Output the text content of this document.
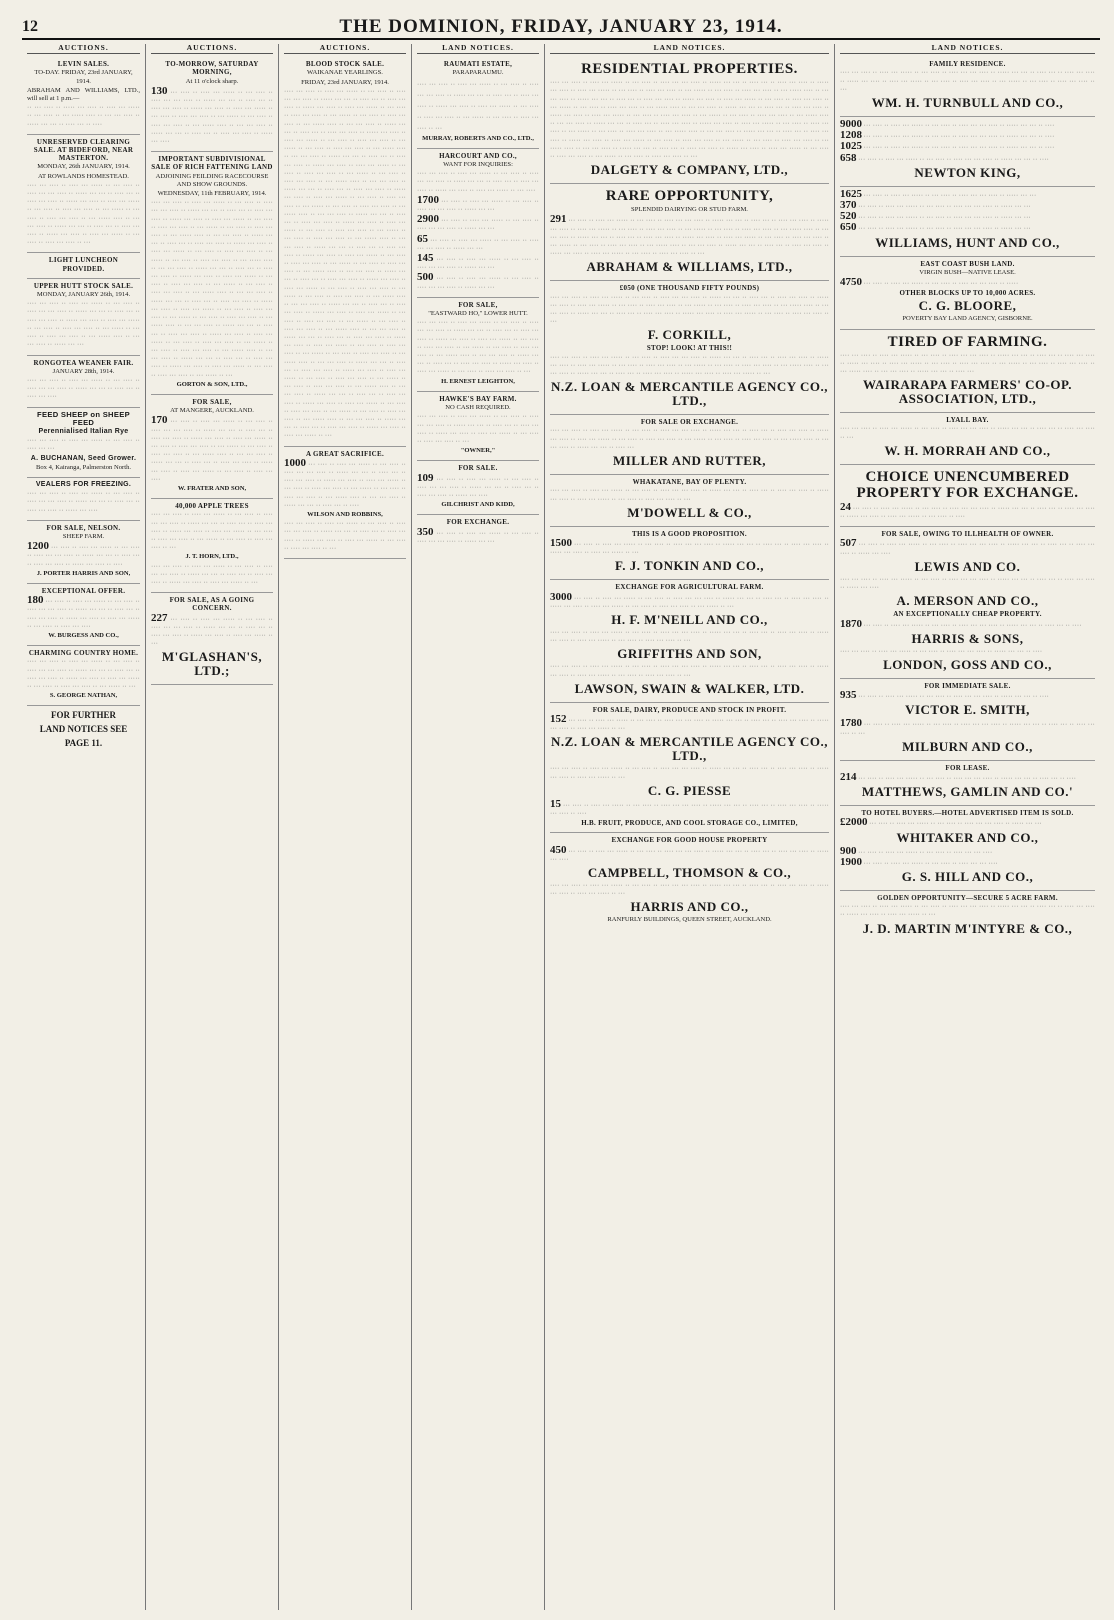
12	THE DOMINION, FRIDAY, JANUARY 23, 1914.
AUCTIONS.
LEVIN SALES.

TO-DAY. FRIDAY, 23rd JANUARY, 1914.

ABRAHAM AND WILLIAMS, LTD., will sell at 1 p.m.—

·· ··· ···· ·· ····· ··· ···· ·· ···· ··· ····· ·· ··· ···· ·· ··· ····· ···· ·· ··· ··· ···· ·· ····· ··· ··· ·· ···· ··· ·· ····

UNRESERVED CLEARING SALE. AT BIDEFORD, NEAR MASTERTON.

MONDAY, 26th JANUARY, 1914.

AT ROWLANDS HOMESTEAD.

···· ··· ···· ·· ···· ··· ····· ·· ··· ···· ·· ···· ··· ··· ···· ·· ····· ··· ··· ·· ···· ··· ·· ···· ··· ···· ·· ····· ··· ···· ·· ···· ··· ····· ·· ··· ···· ·· ···· ··· ···· ·· ··· ····· ·· ··· ···· ·· ···· ··· ···· ·· ··· ····· ···· ·· ··· ··· ···· ·· ····· ··· ··· ·· ···· ··· ·· ···· ··· ···· ·· ····· ··· ···· ·· ···· ··· ····· ·· ··· ···· ·· ···· ··· ···· ·· ···

LIGHT LUNCHEON PROVIDED.
UPPER HUTT STOCK SALE.

MONDAY, JANUARY 26th, 1914.

···· ··· ···· ·· ···· ··· ····· ·· ··· ···· ·· ···· ··· ··· ···· ·· ····· ··· ··· ·· ···· ··· ·· ···· ··· ···· ·· ····· ··· ···· ·· ···· ··· ····· ·· ··· ···· ·· ···· ··· ···· ·· ··· ····· ·· ··· ···· ·· ···· ··· ···· ·· ··· ····· ···· ·· ··· ··· ···· ·· ····· ··· ···

RONGOTEA WEANER FAIR.

JANUARY 28th, 1914.

···· ··· ···· ·· ···· ··· ····· ·· ··· ···· ·· ···· ··· ··· ···· ·· ····· ··· ··· ·· ···· ··· ·· ···· ··· ····

FEED SHEEP on SHEEP FEED
Perennialised Italian Rye

···· ··· ···· ·· ···· ··· ····· ·· ··· ···· ·· ···· ··· ···

A. BUCHANAN, Seed Grower.

Box 4, Kairanga, Palmerston North.

VEALERS FOR FREEZING.

···· ··· ···· ·· ···· ··· ····· ·· ··· ···· ·· ···· ··· ··· ···· ·· ····· ··· ··· ·· ···· ··· ·· ···· ··· ···· ·· ····· ··· ····

FOR SALE, NELSON.

SHEEP FARM.

1200 ··· ···· ·· ···· ··· ····· ·· ··· ···· ·· ···· ··· ··· ···· ·· ····· ··· ··· ·· ···· ··· ·· ···· ··· ···· ·· ····· ··· ···· ·· ····

J. PORTER HARRIS AND SON,

EXCEPTIONAL OFFER.

180 ··· ···· ·· ···· ··· ····· ·· ··· ···· ·· ···· ··· ··· ···· ·· ····· ··· ··· ·· ···· ··· ·· ···· ··· ···· ·· ····· ··· ···· ·· ···· ··· ····· ·· ··· ···· ·· ···· ··· ····

W. BURGESS AND CO.,

CHARMING COUNTRY HOME.

···· ··· ···· ·· ···· ··· ····· ·· ··· ···· ·· ···· ··· ··· ···· ·· ····· ··· ··· ·· ···· ··· ·· ···· ··· ···· ·· ····· ··· ···· ·· ···· ··· ····· ·· ··· ···· ·· ···· ··· ···· ·· ··· ····· ·· ···

S. GEORGE NATHAN,

FOR FURTHER

LAND NOTICES SEE

PAGE 11.

AUCTIONS.
TO-MORROW, SATURDAY MORNING,

At 11 o'clock sharp.

130 ··· ···· ·· ···· ··· ····· ·· ··· ···· ·· ···· ··· ··· ···· ·· ····· ··· ··· ·· ···· ··· ·· ···· ··· ···· ·· ····· ··· ···· ·· ···· ··· ····· ·· ··· ···· ·· ···· ··· ···· ·· ··· ····· ·· ··· ···· ·· ···· ··· ···· ·· ··· ····· ···· ·· ··· ··· ···· ·· ····· ··· ··· ·· ···· ··· ·· ···· ··· ···· ·· ····· ··· ····

IMPORTANT SUBDIVISIONAL SALE OF RICH FATTENING LAND

ADJOINING FEILDING RACECOURSE AND SHOW GROUNDS.

WEDNESDAY, 11th FEBRUARY, 1914.

···· ··· ···· ·· ···· ··· ····· ·· ··· ···· ·· ···· ··· ··· ···· ·· ····· ··· ··· ·· ···· ··· ·· ···· ··· ···· ·· ····· ··· ···· ·· ···· ··· ····· ·· ··· ···· ·· ···· ··· ···· ·· ··· ····· ·· ··· ···· ·· ···· ··· ···· ·· ··· ····· ···· ·· ··· ··· ···· ·· ····· ··· ··· ·· ···· ··· ·· ···· ··· ···· ·· ····· ··· ···· ·· ···· ··· ····· ·· ··· ···· ·· ···· ··· ···· ·· ··· ····· ·· ··· ···· ·· ···· ··· ···· ·· ··· ····· ···· ·· ··· ··· ···· ·· ····· ··· ··· ·· ···· ··· ·· ···· ··· ···· ·· ····· ··· ···· ·· ···· ··· ····· ·· ··· ···· ·· ···· ··· ···· ·· ··· ····· ·· ··· ···· ·· ···· ··· ···· ·· ··· ····· ···· ·· ··· ··· ···· ·· ····· ··· ··· ·· ···· ··· ·· ···· ··· ···· ·· ····· ··· ···· ·· ···· ··· ····· ·· ··· ···· ·· ···· ··· ···· ·· ··· ····· ·· ··· ···· ·· ···· ··· ···· ·· ··· ····· ···· ·· ··· ··· ···· ·· ····· ··· ··· ·· ···· ··· ·· ···· ··· ···· ·· ····· ··· ···· ·· ···· ··· ····· ·· ··· ···· ·· ···· ··· ···· ·· ··· ····· ·· ··· ···· ·· ···· ··· ···· ·· ··· ····· ···· ·· ··· ··· ···· ·· ····· ··· ··· ·· ···· ··· ·· ···· ··· ···· ·· ····· ··· ···· ·· ···· ··· ····· ·· ··· ···· ·· ···· ··· ···· ·· ··· ····· ·· ···

GORTON & SON, LTD.,

FOR SALE,

AT MANGERE, AUCKLAND.

170 ··· ···· ·· ···· ··· ····· ·· ··· ···· ·· ···· ··· ··· ···· ·· ····· ··· ··· ·· ···· ··· ·· ···· ··· ···· ·· ····· ··· ···· ·· ···· ··· ····· ·· ··· ···· ·· ···· ··· ···· ·· ··· ····· ·· ··· ···· ·· ···· ··· ···· ·· ··· ····· ···· ·· ··· ··· ···· ·· ····· ··· ··· ·· ···· ··· ·· ···· ··· ···· ·· ····· ··· ···· ·· ···· ··· ····· ·· ··· ···· ·· ···· ··· ····

W. FRATER AND SON,

40,000 APPLE TREES

···· ··· ···· ·· ···· ··· ····· ·· ··· ···· ·· ···· ··· ··· ···· ·· ····· ··· ··· ·· ···· ··· ·· ···· ··· ···· ·· ····· ··· ···· ·· ···· ··· ····· ·· ··· ···· ·· ···· ··· ···· ·· ··· ····· ·· ··· ···· ·· ···· ··· ···· ·· ···

J. T. HORN, LTD.,

···· ··· ···· ·· ···· ··· ····· ·· ··· ···· ·· ···· ··· ··· ···· ·· ····· ··· ··· ·· ···· ··· ·· ···· ··· ···· ·· ····· ··· ···· ·· ···· ··· ····· ·· ···

FOR SALE, AS A GOING CONCERN.

227 ··· ···· ·· ···· ··· ····· ·· ··· ···· ·· ···· ··· ··· ···· ·· ····· ··· ··· ·· ···· ··· ·· ···· ··· ···· ·· ····· ··· ···· ·· ···· ··· ····· ·· ···

M'GLASHAN'S, LTD.;
AUCTIONS.
BLOOD STOCK SALE.

WAIKANAE YEARLINGS.

FRIDAY, 23rd JANUARY, 1914.

···· ··· ···· ·· ···· ··· ····· ·· ··· ···· ·· ···· ··· ··· ···· ·· ····· ··· ··· ·· ···· ··· ·· ···· ··· ···· ·· ····· ··· ···· ·· ···· ··· ····· ·· ··· ···· ·· ···· ··· ···· ·· ··· ····· ·· ··· ···· ·· ···· ··· ···· ·· ··· ····· ···· ·· ··· ··· ···· ·· ····· ··· ··· ·· ···· ··· ·· ···· ··· ···· ·· ····· ··· ···· ·· ···· ··· ····· ·· ··· ···· ·· ···· ··· ···· ·· ··· ····· ·· ··· ···· ·· ···· ··· ···· ·· ··· ····· ···· ·· ··· ··· ···· ·· ····· ··· ··· ·· ···· ··· ·· ···· ··· ···· ·· ····· ··· ···· ·· ···· ··· ····· ·· ··· ···· ·· ···· ··· ···· ·· ··· ····· ·· ··· ···· ·· ···· ··· ···· ·· ··· ····· ···· ·· ··· ··· ···· ·· ····· ··· ··· ·· ···· ··· ·· ···· ··· ···· ·· ····· ··· ···· ·· ···· ··· ····· ·· ··· ···· ·· ···· ··· ···· ·· ··· ····· ·· ··· ···· ·· ···· ··· ···· ·· ··· ····· ···· ·· ··· ··· ···· ·· ····· ··· ··· ·· ···· ··· ·· ···· ··· ···· ·· ····· ··· ···· ·· ···· ··· ····· ·· ··· ···· ·· ···· ··· ···· ·· ··· ····· ·· ··· ···· ·· ···· ··· ···· ·· ··· ····· ···· ·· ··· ··· ···· ·· ····· ··· ··· ·· ···· ··· ·· ···· ··· ···· ·· ····· ··· ···· ·· ···· ··· ····· ·· ··· ···· ·· ···· ··· ···· ·· ··· ····· ·· ··· ···· ·· ···· ··· ···· ·· ··· ····· ···· ·· ··· ··· ···· ·· ····· ··· ··· ·· ···· ··· ·· ···· ··· ···· ·· ····· ··· ···· ·· ···· ··· ····· ·· ··· ···· ·· ···· ··· ···· ·· ··· ····· ·· ··· ···· ·· ···· ··· ···· ·· ··· ····· ···· ·· ··· ··· ···· ·· ····· ··· ··· ·· ···· ··· ·· ···· ··· ···· ·· ····· ··· ···· ·· ···· ··· ····· ·· ··· ···· ·· ···· ··· ···· ·· ··· ····· ·· ··· ···· ·· ···· ··· ···· ·· ··· ····· ···· ·· ··· ··· ···· ·· ····· ··· ··· ·· ···· ··· ·· ···· ··· ···· ·· ····· ··· ···· ·· ···· ··· ····· ·· ··· ···· ·· ···· ··· ···· ·· ··· ····· ·· ··· ···· ·· ···· ··· ···· ·· ··· ····· ···· ·· ··· ··· ···· ·· ····· ··· ··· ·· ···· ··· ·· ···· ··· ···· ·· ····· ··· ···· ·· ···· ··· ····· ·· ··· ···· ·· ···· ··· ···· ·· ··· ····· ·· ··· ···· ·· ···· ··· ···· ·· ··· ····· ···· ·· ··· ··· ···· ·· ····· ··· ··· ·· ···· ··· ·· ···· ··· ···· ·· ····· ··· ···· ·· ···· ··· ····· ·· ··· ···· ·· ···· ··· ···· ·· ··· ····· ·· ··· ···· ·· ···· ··· ···· ·· ··· ····· ···· ·· ··· ··· ···· ·· ····· ··· ··· ·· ···· ··· ·· ···· ··· ···· ·· ····· ··· ···· ·· ···· ··· ····· ·· ···

A GREAT SACRIFICE.

1000 ··· ···· ·· ···· ··· ····· ·· ··· ···· ·· ···· ··· ··· ···· ·· ····· ··· ··· ·· ···· ··· ·· ···· ··· ···· ·· ····· ··· ···· ·· ···· ··· ····· ·· ··· ···· ·· ···· ··· ···· ·· ··· ····· ·· ··· ···· ·· ···· ··· ···· ·· ··· ····· ···· ·· ··· ··· ···· ·· ····· ··· ··· ·· ···· ··· ·· ····

WILSON AND ROBBINS,

···· ··· ···· ·· ···· ··· ····· ·· ··· ···· ·· ···· ··· ··· ···· ·· ····· ··· ··· ·· ···· ··· ·· ···· ··· ···· ·· ····· ··· ···· ·· ···· ··· ····· ·· ··· ···· ·· ···· ··· ···· ·· ···

LAND NOTICES.
RAUMATI ESTATE,

PARAPARAUMU.

···· ··· ···· ·· ···· ··· ····· ·· ··· ···· ·· ···· ··· ··· ···· ·· ····· ··· ··· ·· ···· ··· ·· ···· ··· ···· ·· ····· ··· ···· ·· ···· ··· ····· ·· ··· ···· ·· ···· ··· ···· ·· ··· ····· ·· ··· ···· ·· ···· ··· ···· ·· ···

MURRAY, ROBERTS AND CO., LTD.,

HARCOURT AND CO.,

WANT FOR INQUIRIES:

···· ··· ···· ·· ···· ··· ····· ·· ··· ···· ·· ···· ··· ··· ···· ·· ····· ··· ··· ·· ···· ··· ·· ···· ··· ···· ·· ····· ··· ···· ·· ···· ··· ····· ·· ··· ····

1700 ··· ···· ·· ···· ··· ····· ·· ··· ···· ·· ···· ··· ··· ···· ·· ····· ··· ···

2900 ··· ···· ·· ···· ··· ····· ·· ··· ···· ·· ···· ··· ··· ···· ·· ····· ··· ···

65 ··· ···· ·· ···· ··· ····· ·· ··· ···· ·· ···· ··· ··· ···· ·· ····· ··· ···

145 ··· ···· ·· ···· ··· ····· ·· ··· ···· ·· ···· ··· ··· ···· ·· ····· ··· ···

500 ··· ···· ·· ···· ··· ····· ·· ··· ···· ·· ···· ··· ··· ···· ·· ····· ··· ···

FOR SALE,

"EASTWARD HO," LOWER HUTT.

···· ··· ···· ·· ···· ··· ····· ·· ··· ···· ·· ···· ··· ··· ···· ·· ····· ··· ··· ·· ···· ··· ·· ···· ··· ···· ·· ····· ··· ···· ·· ···· ··· ····· ·· ··· ···· ·· ···· ··· ···· ·· ··· ····· ·· ··· ···· ·· ···· ··· ···· ·· ··· ····· ···· ·· ··· ··· ···· ·· ····· ··· ··· ·· ···· ··· ·· ···· ··· ···· ·· ····· ··· ···· ·· ···· ··· ····· ·· ··· ···· ·· ···· ··· ···· ·· ···

H. ERNEST LEIGHTON,

HAWKE'S BAY FARM.

NO CASH REQUIRED.

···· ··· ···· ·· ···· ··· ····· ·· ··· ···· ·· ···· ··· ··· ···· ·· ····· ··· ··· ·· ···· ··· ·· ···· ··· ···· ·· ····· ··· ···· ·· ···· ··· ····· ·· ··· ···· ·· ···· ··· ···· ·· ···

"OWNER,"

FOR SALE.

109 ··· ···· ·· ···· ··· ····· ·· ··· ···· ·· ···· ··· ··· ···· ·· ····· ··· ··· ·· ···· ··· ·· ···· ··· ···· ·· ····· ··· ····

GILCHRIST AND KIDD,

FOR EXCHANGE.

350 ··· ···· ·· ···· ··· ····· ·· ··· ···· ·· ···· ··· ··· ···· ·· ····· ··· ···

LAND NOTICES.
RESIDENTIAL PROPERTIES.

···· ··· ···· ·· ···· ··· ····· ·· ··· ···· ·· ···· ··· ··· ···· ·· ····· ··· ··· ·· ···· ··· ·· ···· ··· ···· ·· ····· ··· ···· ·· ···· ··· ····· ·· ··· ···· ·· ···· ··· ···· ·· ··· ····· ·· ··· ···· ·· ···· ··· ···· ·· ··· ····· ···· ·· ··· ··· ···· ·· ····· ··· ··· ·· ···· ··· ·· ···· ··· ···· ·· ····· ··· ···· ·· ···· ··· ····· ·· ··· ···· ·· ···· ··· ···· ·· ··· ····· ·· ··· ···· ·· ···· ··· ···· ·· ··· ····· ···· ·· ··· ··· ···· ·· ····· ··· ··· ·· ···· ··· ·· ···· ··· ···· ·· ····· ··· ···· ·· ···· ··· ····· ·· ··· ···· ·· ···· ··· ···· ·· ··· ····· ·· ··· ···· ·· ···· ··· ···· ·· ··· ····· ···· ·· ··· ··· ···· ·· ····· ··· ··· ·· ···· ··· ·· ···· ··· ···· ·· ····· ··· ···· ·· ···· ··· ····· ·· ··· ···· ·· ···· ··· ···· ·· ··· ····· ·· ··· ···· ·· ···· ··· ···· ·· ··· ····· ···· ·· ··· ··· ···· ·· ····· ··· ··· ·· ···· ··· ·· ···· ··· ···· ·· ····· ··· ···· ·· ···· ··· ····· ·· ··· ···· ·· ···· ··· ···· ·· ··· ····· ·· ··· ···· ·· ···· ··· ···· ·· ··· ····· ···· ·· ··· ··· ···· ·· ····· ··· ··· ·· ···· ··· ·· ···· ··· ···· ·· ····· ··· ···· ·· ···· ··· ····· ·· ··· ···· ·· ···· ··· ···· ·· ··· ····· ·· ··· ···· ·· ···· ··· ···· ·· ···

DALGETY & COMPANY, LTD.,
RARE OPPORTUNITY,

SPLENDID DAIRYING OR STUD FARM.

291 ··· ···· ·· ···· ··· ····· ·· ··· ···· ·· ···· ··· ··· ···· ·· ····· ··· ··· ·· ···· ··· ·· ···· ··· ···· ·· ····· ··· ···· ·· ···· ··· ····· ·· ··· ···· ·· ···· ··· ···· ·· ··· ····· ·· ··· ···· ·· ···· ··· ···· ·· ··· ····· ···· ·· ··· ··· ···· ·· ····· ··· ··· ·· ···· ··· ·· ···· ··· ···· ·· ····· ··· ···· ·· ···· ··· ····· ·· ··· ···· ·· ···· ··· ···· ·· ··· ····· ·· ··· ···· ·· ···· ··· ···· ·· ··· ····· ···· ·· ··· ··· ···· ·· ····· ··· ··· ·· ···· ··· ·· ···· ··· ···· ·· ····· ··· ···· ·· ···· ··· ····· ·· ··· ···· ·· ···· ··· ···· ·· ···

ABRAHAM & WILLIAMS, LTD.,
£050 (ONE THOUSAND FIFTY POUNDS)

···· ··· ···· ·· ···· ··· ····· ·· ··· ···· ·· ···· ··· ··· ···· ·· ····· ··· ··· ·· ···· ··· ·· ···· ··· ···· ·· ····· ··· ···· ·· ···· ··· ····· ·· ··· ···· ·· ···· ··· ···· ·· ··· ····· ·· ··· ···· ·· ···· ··· ···· ·· ··· ····· ···· ·· ··· ··· ···· ·· ····· ··· ··· ·· ···· ··· ·· ···· ··· ···· ·· ····· ··· ···· ·· ···· ··· ····· ·· ··· ···· ·· ···· ··· ···· ·· ···

F. CORKILL,
STOP! LOOK! AT THIS!!

···· ··· ···· ·· ···· ··· ····· ·· ··· ···· ·· ···· ··· ··· ···· ·· ····· ··· ··· ·· ···· ··· ·· ···· ··· ···· ·· ····· ··· ···· ·· ···· ··· ····· ·· ··· ···· ·· ···· ··· ···· ·· ··· ····· ·· ··· ···· ·· ···· ··· ···· ·· ··· ····· ···· ·· ··· ··· ···· ·· ····· ··· ··· ·· ···· ··· ·· ···· ··· ···· ·· ····· ··· ···· ·· ···· ··· ····· ·· ···

N.Z. LOAN & MERCANTILE AGENCY CO., LTD.,
FOR SALE OR EXCHANGE.

···· ··· ···· ·· ···· ··· ····· ·· ··· ···· ·· ···· ··· ··· ···· ·· ····· ··· ··· ·· ···· ··· ·· ···· ··· ···· ·· ····· ··· ···· ·· ···· ··· ····· ·· ··· ···· ·· ···· ··· ···· ·· ··· ····· ·· ··· ···· ·· ···· ··· ···· ·· ··· ····· ···· ·· ··· ··· ···· ·· ····· ··· ··· ·· ···· ···

MILLER AND RUTTER,
WHAKATANE, BAY OF PLENTY.

···· ··· ···· ·· ···· ··· ····· ·· ··· ···· ·· ···· ··· ··· ···· ·· ····· ··· ··· ·· ···· ··· ·· ···· ··· ···· ·· ····· ··· ···· ·· ···· ··· ····· ·· ··· ···· ·· ···· ··· ···· ·· ···

M'DOWELL & CO.,
THIS IS A GOOD PROPOSITION.

1500 ··· ···· ·· ···· ··· ····· ·· ··· ···· ·· ···· ··· ··· ···· ·· ····· ··· ··· ·· ···· ··· ·· ···· ··· ···· ·· ····· ··· ···· ·· ···· ··· ····· ·· ···

F. J. TONKIN AND CO.,
EXCHANGE FOR AGRICULTURAL FARM.

3000 ··· ···· ·· ···· ··· ····· ·· ··· ···· ·· ···· ··· ··· ···· ·· ····· ··· ··· ·· ···· ··· ·· ···· ··· ···· ·· ····· ··· ···· ·· ···· ··· ····· ·· ··· ···· ·· ···· ··· ···· ·· ··· ····· ·· ···

H. F. M'NEILL AND CO.,

···· ··· ···· ·· ···· ··· ····· ·· ··· ···· ·· ···· ··· ··· ···· ·· ····· ··· ··· ·· ···· ··· ·· ···· ··· ···· ·· ····· ··· ···· ·· ···· ··· ····· ·· ··· ···· ·· ···· ··· ···· ·· ···

GRIFFITHS AND SON,

···· ··· ···· ·· ···· ··· ····· ·· ··· ···· ·· ···· ··· ··· ···· ·· ····· ··· ··· ·· ···· ··· ·· ···· ··· ···· ·· ····· ··· ···· ·· ···· ··· ····· ·· ··· ···· ·· ···· ··· ···· ·· ···

LAWSON, SWAIN & WALKER, LTD.
FOR SALE, DAIRY, PRODUCE AND STOCK IN PROFIT.

152 ··· ···· ·· ···· ··· ····· ·· ··· ···· ·· ···· ··· ··· ···· ·· ····· ··· ··· ·· ···· ··· ·· ···· ··· ···· ·· ····· ··· ···· ·· ···· ··· ····· ·· ···

N.Z. LOAN & MERCANTILE AGENCY CO., LTD.,

···· ··· ···· ·· ···· ··· ····· ·· ··· ···· ·· ···· ··· ··· ···· ·· ····· ··· ··· ·· ···· ··· ·· ···· ··· ···· ·· ····· ··· ···· ·· ···· ··· ····· ·· ···

C. G. PIESSE

15 ··· ···· ·· ···· ··· ····· ·· ··· ···· ·· ···· ··· ··· ···· ·· ····· ··· ··· ·· ···· ··· ·· ···· ··· ···· ·· ····· ··· ···· ·· ····

H.B. FRUIT, PRODUCE, AND COOL STORAGE CO., LIMITED,
EXCHANGE FOR GOOD HOUSE PROPERTY

450 ··· ···· ·· ···· ··· ····· ·· ··· ···· ·· ···· ··· ··· ···· ·· ····· ··· ··· ·· ···· ··· ·· ···· ··· ···· ·· ····· ··· ····

CAMPBELL, THOMSON & CO.,

···· ··· ···· ·· ···· ··· ····· ·· ··· ···· ·· ···· ··· ··· ···· ·· ····· ··· ··· ·· ···· ··· ·· ···· ··· ···· ·· ····· ··· ···· ·· ···· ··· ····· ·· ···

HARRIS AND CO.,

RANFURLY BUILDINGS, QUEEN STREET, AUCKLAND.

LAND NOTICES.
FAMILY RESIDENCE.

···· ··· ···· ·· ···· ··· ····· ·· ··· ···· ·· ···· ··· ··· ···· ·· ····· ··· ··· ·· ···· ··· ·· ···· ··· ···· ·· ····· ··· ···· ·· ···· ··· ····· ·· ··· ···· ·· ···· ··· ···· ·· ··· ····· ·· ··· ···· ·· ···· ··· ···· ·· ···

WM. H. TURNBULL AND CO.,

9000 ··· ···· ·· ···· ··· ····· ·· ··· ···· ·· ···· ··· ··· ···· ·· ····· ··· ··· ·· ····

1208 ··· ···· ·· ···· ··· ····· ·· ··· ···· ·· ···· ··· ··· ···· ·· ····· ··· ··· ·· ····

1025 ··· ···· ·· ···· ··· ····· ·· ··· ···· ·· ···· ··· ··· ···· ·· ····· ··· ··· ·· ····

658 ··· ···· ·· ···· ··· ····· ·· ··· ···· ·· ···· ··· ··· ···· ·· ····· ··· ··· ·· ····

NEWTON KING,

1625 ··· ···· ·· ···· ··· ····· ·· ··· ···· ·· ···· ··· ··· ···· ·· ····· ··· ···

370 ··· ···· ·· ···· ··· ····· ·· ··· ···· ·· ···· ··· ··· ···· ·· ····· ··· ···

520 ··· ···· ·· ···· ··· ····· ·· ··· ···· ·· ···· ··· ··· ···· ·· ····· ··· ···

650 ··· ···· ·· ···· ··· ····· ·· ··· ···· ·· ···· ··· ··· ···· ·· ····· ··· ···

WILLIAMS, HUNT AND CO.,
EAST COAST BUSH LAND.

VIRGIN BUSH—NATIVE LEASE.

4750 ··· ···· ·· ···· ··· ····· ·· ··· ···· ·· ···· ··· ··· ···· ·· ·····

OTHER BLOCKS UP TO 10,000 ACRES.
C. G. BLOORE,

POVERTY BAY LAND AGENCY, GISBORNE.

TIRED OF FARMING.

···· ··· ···· ·· ···· ··· ····· ·· ··· ···· ·· ···· ··· ··· ···· ·· ····· ··· ··· ·· ···· ··· ·· ···· ··· ···· ·· ····· ··· ···· ·· ···· ··· ····· ·· ··· ···· ·· ···· ··· ···· ·· ··· ····· ·· ··· ···· ·· ···· ··· ···· ·· ··· ····· ···· ·· ··· ··· ···· ·· ····· ··· ··· ·· ···· ···

WAIRARAPA FARMERS' CO-OP. ASSOCIATION, LTD.,
LYALL BAY.

···· ··· ···· ·· ···· ··· ····· ·· ··· ···· ·· ···· ··· ··· ···· ·· ····· ··· ··· ·· ···· ··· ·· ···· ··· ···· ·· ···

W. H. MORRAH AND CO.,
CHOICE UNENCUMBERED PROPERTY FOR EXCHANGE.

24 ··· ···· ·· ···· ··· ····· ·· ··· ···· ·· ···· ··· ··· ···· ·· ····· ··· ··· ·· ···· ··· ·· ···· ··· ···· ·· ····· ··· ···· ·· ···· ··· ····· ·· ··· ···· ·· ····

FOR SALE, OWING TO ILLHEALTH OF OWNER.

507 ··· ···· ·· ···· ··· ····· ·· ··· ···· ·· ···· ··· ··· ···· ·· ····· ··· ··· ·· ···· ··· ·· ···· ··· ···· ·· ····· ··· ····

LEWIS AND CO.

···· ··· ···· ·· ···· ··· ····· ·· ··· ···· ·· ···· ··· ··· ···· ·· ····· ··· ··· ·· ···· ··· ·· ···· ··· ···· ·· ····· ··· ····

A. MERSON AND CO.,
AN EXCEPTIONALLY CHEAP PROPERTY.

1870 ··· ···· ·· ···· ··· ····· ·· ··· ···· ·· ···· ··· ··· ···· ·· ····· ··· ··· ·· ···· ··· ·· ····

HARRIS & SONS,

···· ··· ···· ·· ···· ··· ····· ·· ··· ···· ·· ···· ··· ··· ···· ·· ····· ··· ··· ·· ····

LONDON, GOSS AND CO.,
FOR IMMEDIATE SALE.

935 ··· ···· ·· ···· ··· ····· ·· ··· ···· ·· ···· ··· ··· ···· ·· ····· ··· ··· ·· ····

VICTOR E. SMITH,

1780 ··· ···· ·· ···· ··· ····· ·· ··· ···· ·· ···· ··· ··· ···· ·· ····· ··· ··· ·· ···· ··· ·· ···· ··· ···· ·· ···

MILBURN AND CO.,
FOR LEASE.

214 ··· ···· ·· ···· ··· ····· ·· ··· ···· ·· ···· ··· ··· ···· ·· ····· ··· ··· ·· ···· ··· ·· ····

MATTHEWS, GAMLIN AND CO.'
TO HOTEL BUYERS.—HOTEL ADVERTISED ITEM IS SOLD.

£2000 ··· ···· ·· ···· ··· ····· ·· ··· ···· ·· ···· ··· ··· ···· ·· ····· ··· ···

WHITAKER AND CO.,

900 ··· ···· ·· ···· ··· ····· ·· ··· ···· ·· ···· ··· ··· ····

1900 ··· ···· ·· ···· ··· ····· ·· ··· ···· ·· ···· ··· ··· ····

G. S. HILL AND CO.,
GOLDEN OPPORTUNITY—SECURE 5 ACRE FARM.

···· ··· ···· ·· ···· ··· ····· ·· ··· ···· ·· ···· ··· ··· ···· ·· ····· ··· ··· ·· ···· ··· ·· ···· ··· ···· ·· ····· ··· ···· ·· ···· ··· ····· ·· ···

J. D. MARTIN M'INTYRE & CO.,
